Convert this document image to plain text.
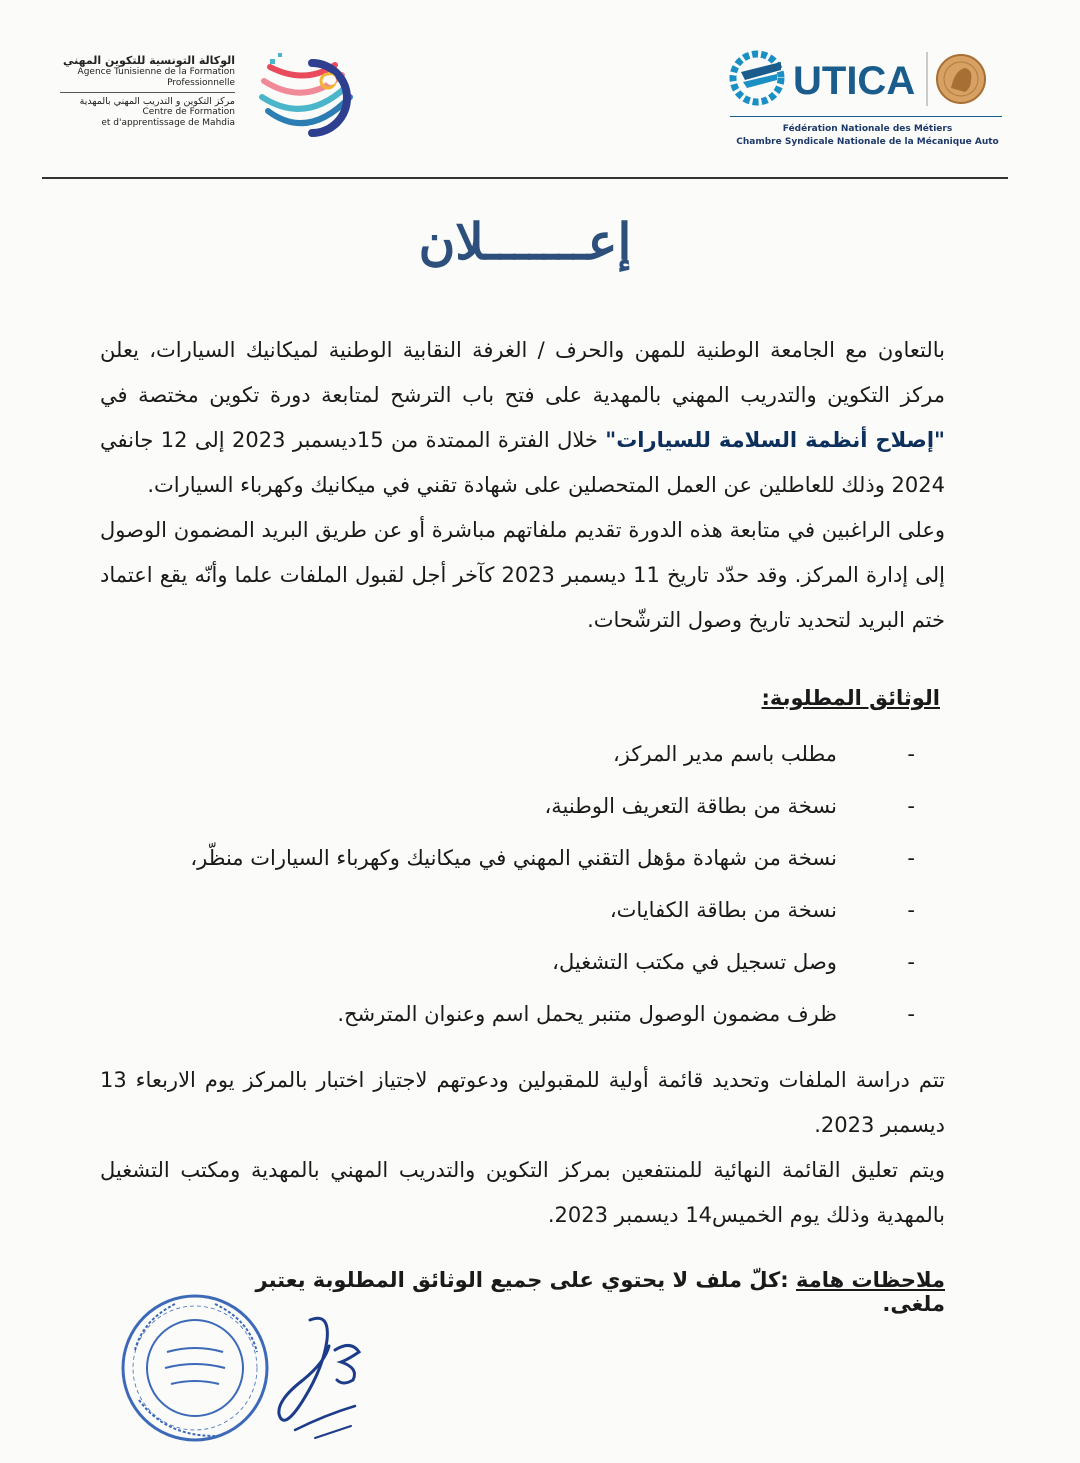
الوكالة التونسية للتكوين المهني
Agence Tunisienne de la Formation
Professionnelle
مركز التكوين و التدريب المهني بالمهدية
Centre de Formation
et d'apprentissage de Mahdia
UTICA
Fédération Nationale des Métiers
Chambre Syndicale Nationale de la Mécanique Auto
إعـــــــلان

بالتعاون مع الجامعة الوطنية للمهن والحرف / الغرفة النقابية الوطنية لميكانيك السيارات، يعلن مركز التكوين والتدريب المهني بالمهدية على فتح باب الترشح لمتابعة دورة تكوين مختصة في "إصلاح أنظمة السلامة للسيارات" خلال الفترة الممتدة من 15ديسمبر 2023 إلى 12 جانفي 2024 وذلك للعاطلين عن العمل المتحصلين على شهادة تقني في ميكانيك وكهرباء السيارات.

وعلى الراغبين في متابعة هذه الدورة تقديم ملفاتهم مباشرة أو عن طريق البريد المضمون الوصول إلى إدارة المركز. وقد حدّد تاريخ 11 ديسمبر 2023 كآخر أجل لقبول الملفات علما وأنّه يقع اعتماد ختم البريد لتحديد تاريخ وصول الترشّحات.

الوثائق المطلوبة:
-      مطلب باسم مدير المركز،
-      نسخة من بطاقة التعريف الوطنية،
-      نسخة من شهادة مؤهل التقني المهني في ميكانيك وكهرباء السيارات منظّر،
-      نسخة من بطاقة الكفايات،
-      وصل تسجيل في مكتب التشغيل،
-      ظرف مضمون الوصول متنبر يحمل اسم وعنوان المترشح.

تتم دراسة الملفات وتحديد قائمة أولية للمقبولين ودعوتهم لاجتياز اختبار بالمركز يوم الاربعاء 13 ديسمبر 2023.

ويتم تعليق القائمة النهائية للمنتفعين بمركز التكوين والتدريب المهني بالمهدية ومكتب التشغيل بالمهدية وذلك يوم الخميس14 ديسمبر 2023.

ملاحظات هامة :كلّ ملف لا يحتوي على جميع الوثائق المطلوبة يعتبر ملغى.
